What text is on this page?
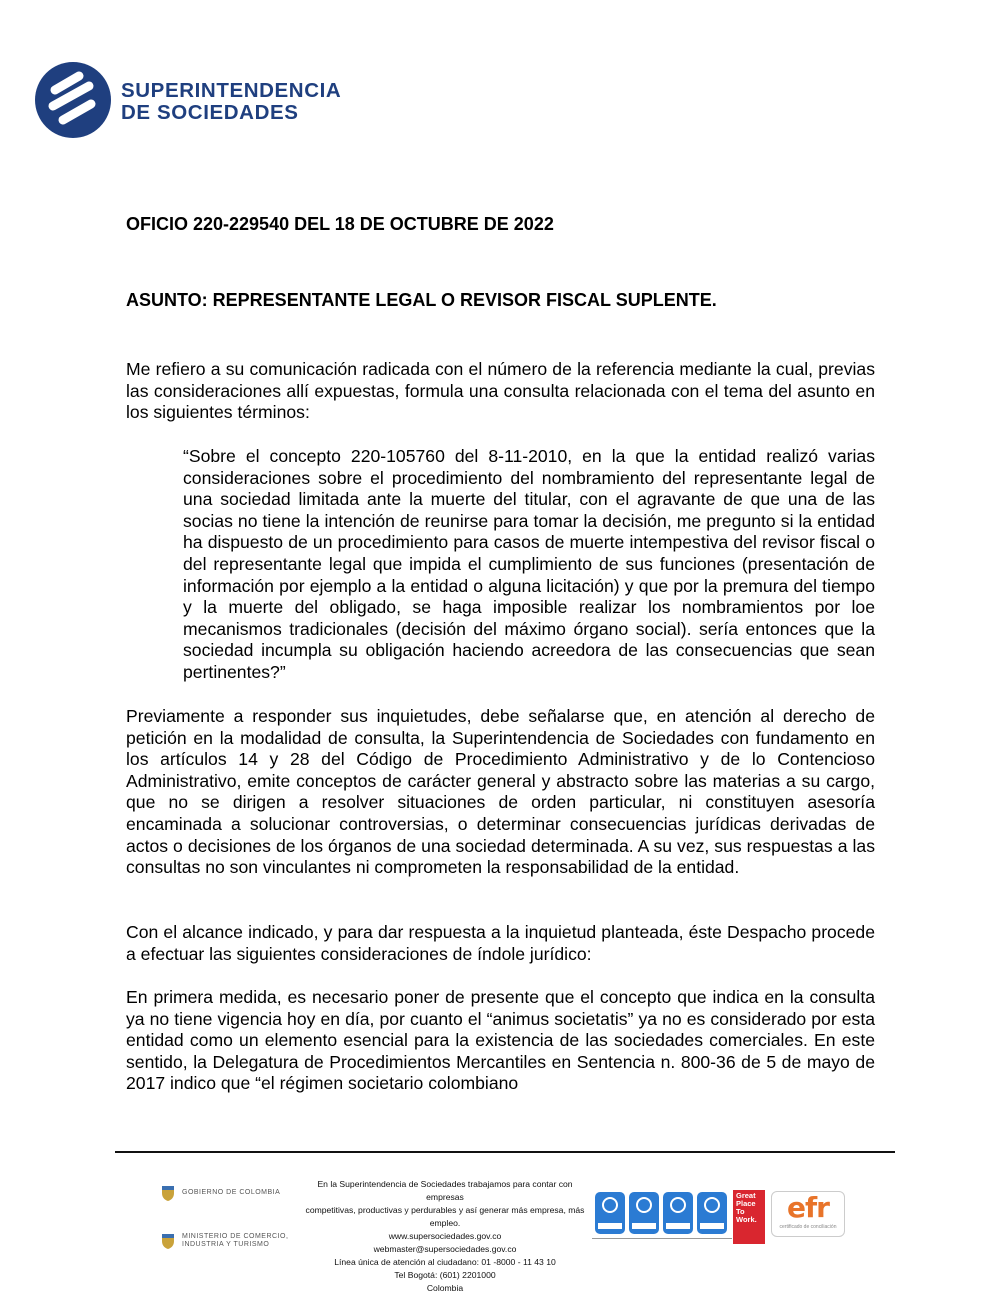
SUPERINTENDENCIA
DE SOCIEDADES
OFICIO 220-229540 DEL 18 DE OCTUBRE DE 2022
ASUNTO: REPRESENTANTE LEGAL O REVISOR FISCAL SUPLENTE.
Me refiero a su comunicación radicada con el número de la referencia mediante la cual, previas las consideraciones allí expuestas, formula una consulta relacionada con el tema del asunto en los siguientes términos:
“Sobre el concepto 220-105760 del 8-11-2010, en la que la entidad realizó varias consideraciones sobre el procedimiento del nombramiento del representante legal de una sociedad limitada ante la muerte del titular, con el agravante de que una de las socias no tiene la intención de reunirse para tomar la decisión, me pregunto si la entidad ha dispuesto de un procedimiento para casos de muerte intempestiva del revisor fiscal o del representante legal que impida el cumplimiento de sus funciones (presentación de información por ejemplo a la entidad o alguna licitación) y que por la premura del tiempo y la muerte del obligado, se haga imposible realizar los nombramientos por loe mecanismos tradicionales (decisión del máximo órgano social). sería entonces que la sociedad incumpla su obligación haciendo acreedora de las consecuencias que sean pertinentes?”
Previamente a responder sus inquietudes, debe señalarse que, en atención al derecho de petición en la modalidad de consulta, la Superintendencia de Sociedades con fundamento en los artículos 14 y 28 del Código de Procedimiento Administrativo y de lo Contencioso Administrativo, emite conceptos de carácter general y abstracto sobre las materias a su cargo, que no se dirigen a resolver situaciones de orden particular, ni constituyen asesoría encaminada a solucionar controversias, o determinar consecuencias jurídicas derivadas de actos o decisiones de los órganos de una sociedad determinada. A su vez, sus respuestas a las consultas no son vinculantes ni comprometen la responsabilidad de la entidad.
Con el alcance indicado, y para dar respuesta a la inquietud planteada, éste Despacho procede a efectuar las siguientes consideraciones de índole jurídico:
En primera medida, es necesario poner de presente que el concepto que indica en la consulta ya no tiene vigencia hoy en día, por cuanto el “animus societatis” ya no es considerado por esta entidad como un elemento esencial para la existencia de las sociedades comerciales. En este sentido, la Delegatura de Procedimientos Mercantiles en Sentencia n. 800-36 de 5 de mayo de 2017 indico que “el régimen societario colombiano
GOBIERNO DE COLOMBIA
MINISTERIO DE COMERCIO,
INDUSTRIA Y TURISMO
En la Superintendencia de Sociedades trabajamos para contar con empresas
competitivas, productivas y perdurables y así generar más empresa, más empleo.
www.supersociedades.gov.co
webmaster@supersociedades.gov.co
Línea única de atención al ciudadano: 01 -8000 - 11 43 10
Tel Bogotá: (601) 2201000
Colombia
Great
Place
To
Work.	efr
certificado de conciliación
